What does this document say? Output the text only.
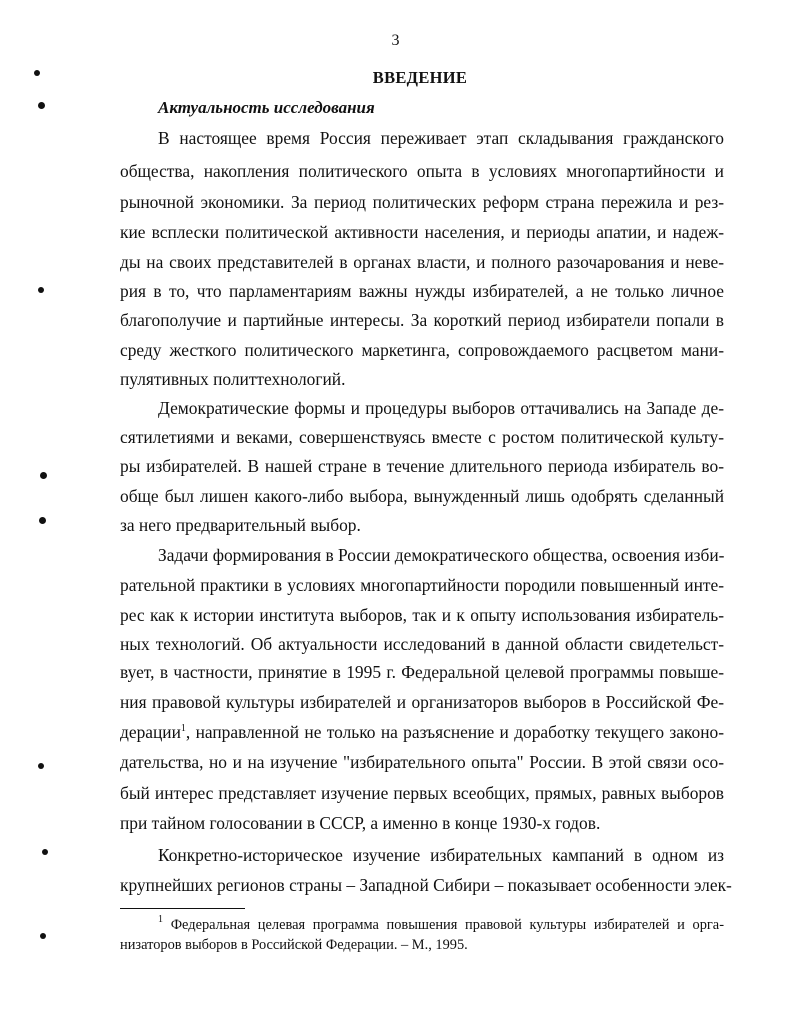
3
ВВЕДЕНИЕ
Актуальность исследования
В настоящее время Россия переживает этап складывания гражданского
общества, накопления политического опыта в условиях многопартийности и
рыночной экономики. За период политических реформ страна пережила и рез-
кие всплески политической активности населения, и периоды апатии, и надеж-
ды на своих представителей в органах власти, и полного разочарования и неве-
рия в то, что парламентариям важны нужды избирателей, а не только личное
благополучие и партийные интересы. За короткий период избиратели попали в
среду жесткого политического маркетинга, сопровождаемого расцветом мани-
пулятивных политтехнологий.
Демократические формы и процедуры выборов оттачивались на Западе де-
сятилетиями и веками, совершенствуясь вместе с ростом политической культу-
ры избирателей. В нашей стране в течение длительного периода избиратель во-
обще был лишен какого-либо выбора, вынужденный лишь одобрять сделанный
за него предварительный выбор.
Задачи формирования в России демократического общества, освоения изби-
рательной практики в условиях многопартийности породили повышенный инте-
рес как к истории института выборов, так и к опыту использования избиратель-
ных технологий. Об актуальности исследований в данной области свидетельст-
вует, в частности, принятие в 1995 г. Федеральной целевой программы повыше-
ния правовой культуры избирателей и организаторов выборов в Российской Фе-
дерации$^1$, направленной не только на разъяснение и доработку текущего законо-
дательства, но и на изучение "избирательного опыта" России. В этой связи осо-
бый интерес представляет изучение первых всеобщих, прямых, равных выборов
при тайном голосовании в СССР, а именно в конце 1930-х годов.
Конкретно-историческое изучение избирательных кампаний в одном из
крупнейших регионов страны – Западной Сибири – показывает особенности элек-
$^1$ Федеральная целевая программа повышения правовой культуры избирателей и орга-
низаторов выборов в Российской Федерации. – М., 1995.
